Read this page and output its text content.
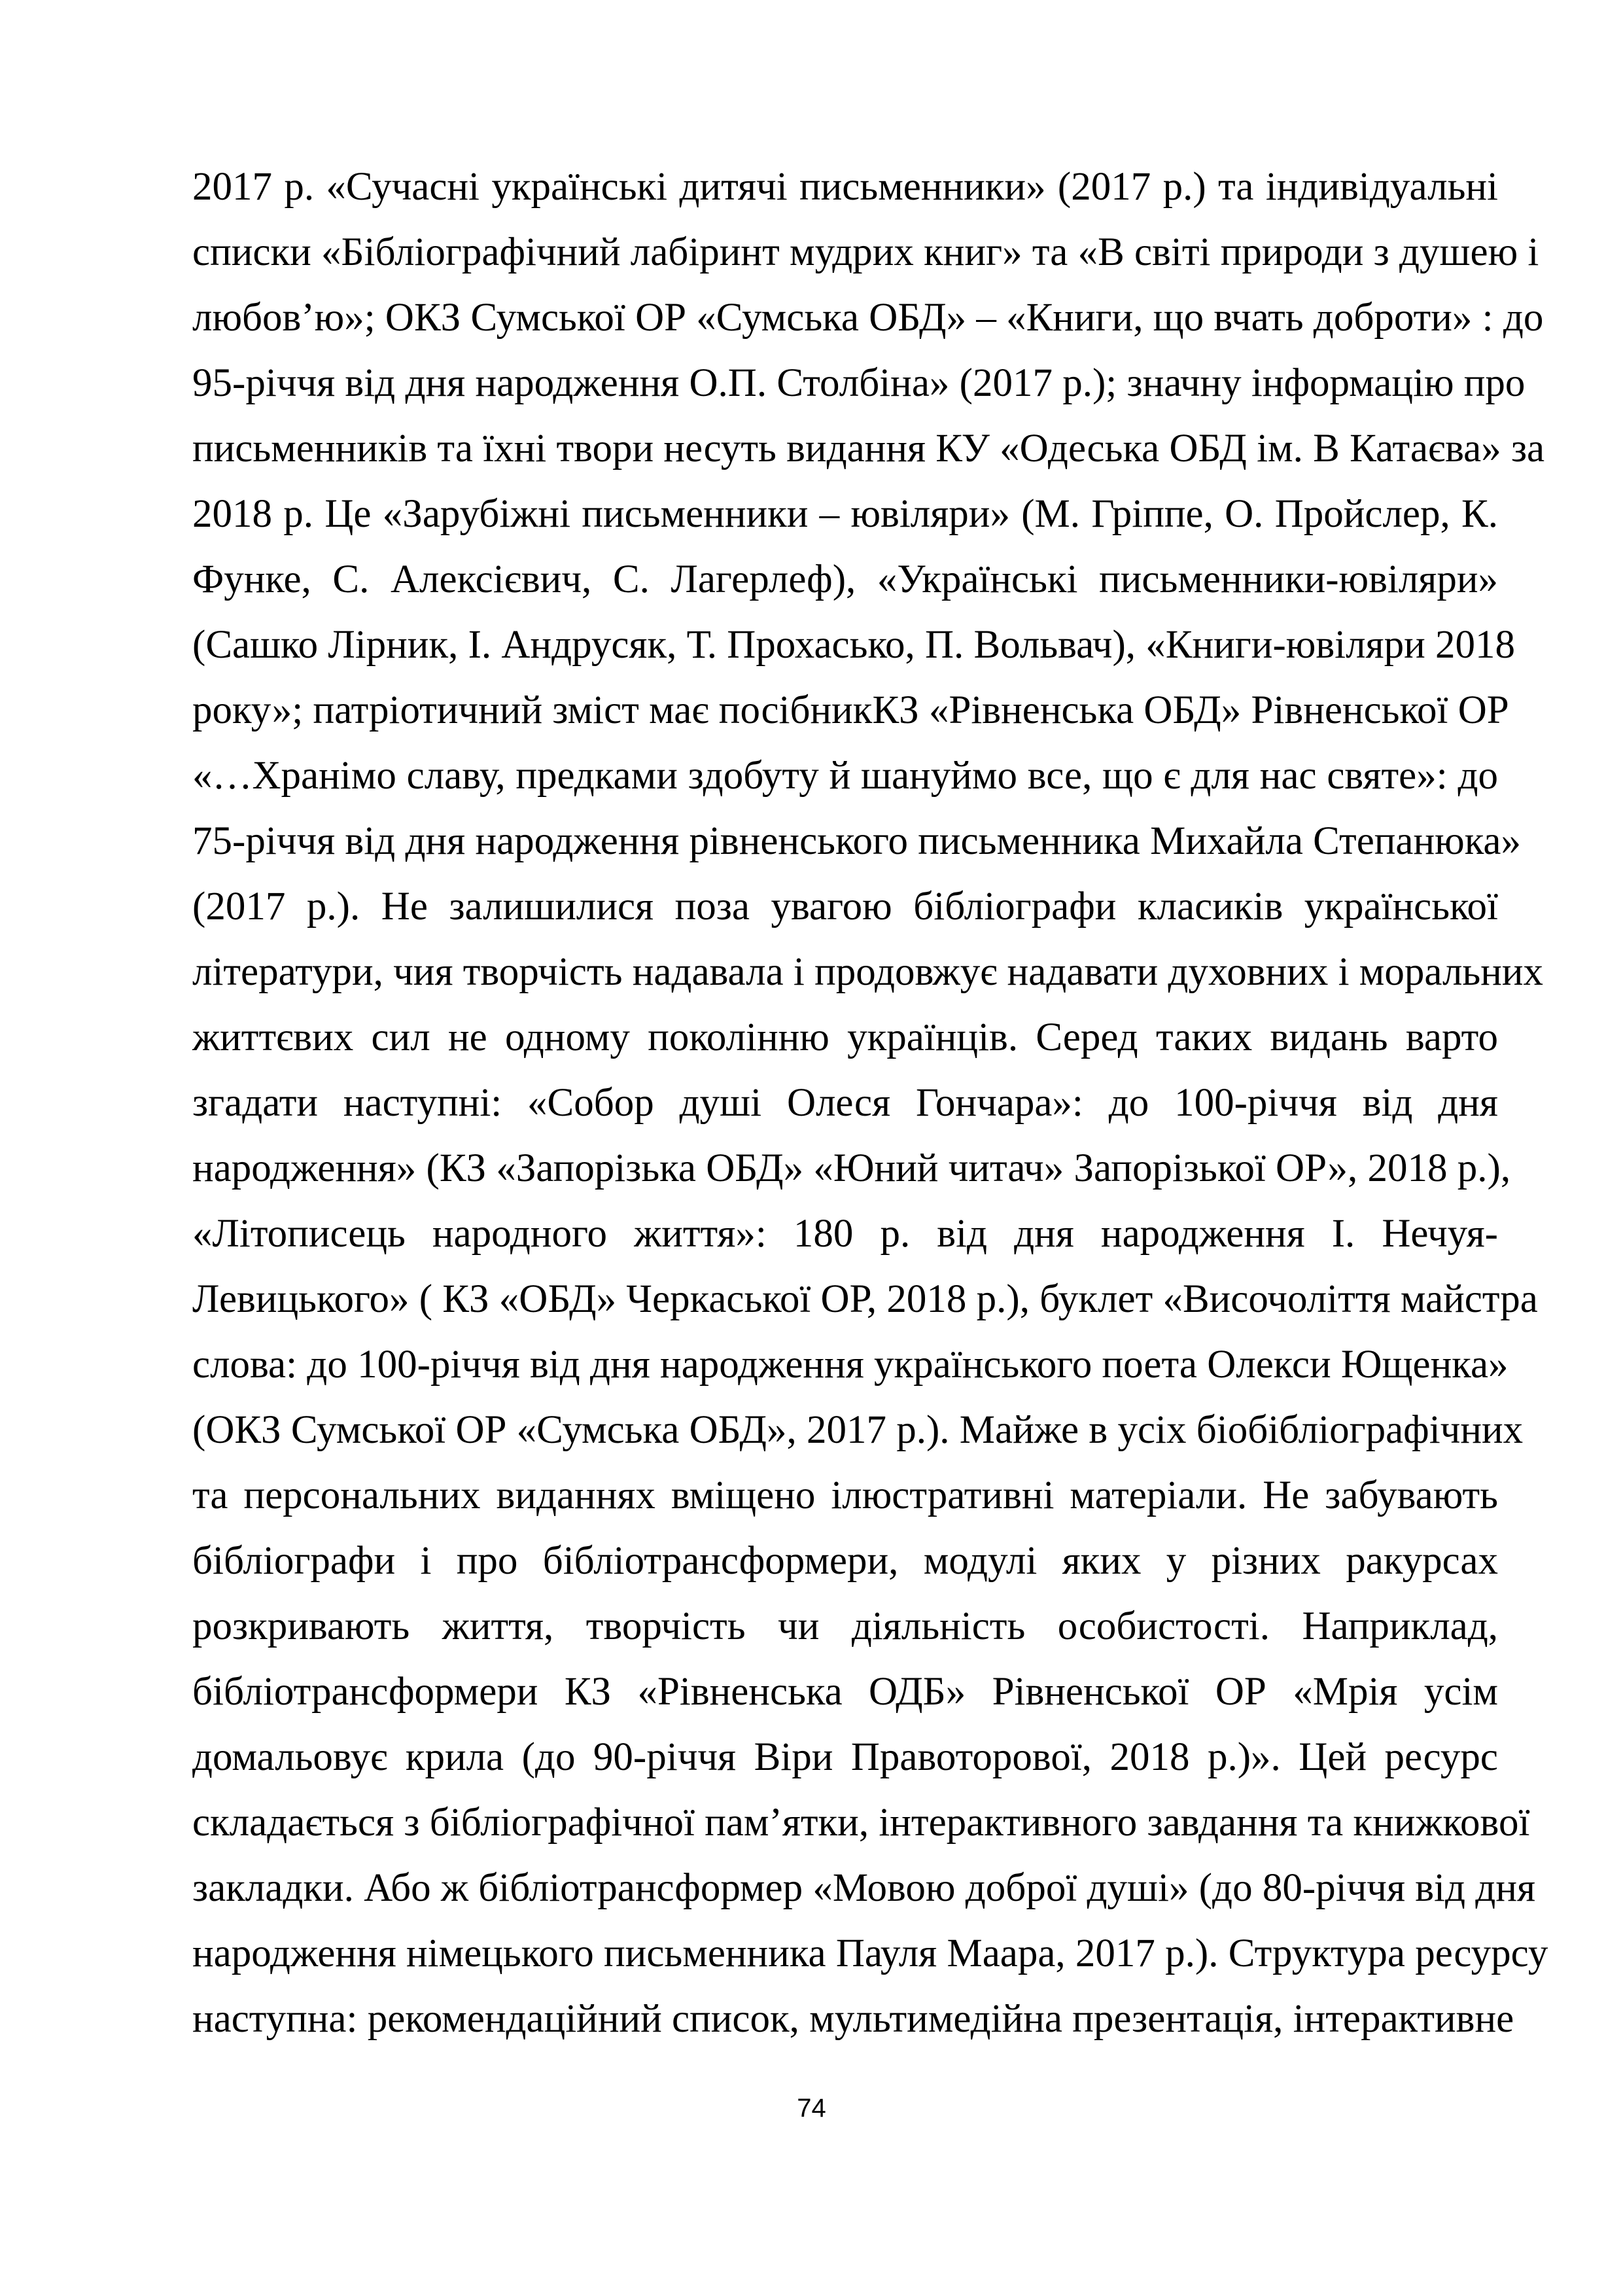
2017 р. «Сучасні українські дитячі письменники» (2017 р.) та індивідуальні
списки «Бібліографічний лабіринт мудрих книг» та «В світі природи з душею і
любов’ю»; ОКЗ Сумської ОР «Сумська ОБД» – «Книги, що вчать доброти» : до
95-річчя від дня народження О.П. Столбіна» (2017 р.); значну інформацію про
письменників та їхні твори несуть видання КУ «Одеська ОБД ім. В Катаєва» за
2018 р. Це «Зарубіжні письменники – ювіляри» (М. Гріппе, О. Пройслер, К.
Функе, С. Алексієвич, С. Лагерлеф), «Українські письменники-ювіляри»
(Сашко Лірник, І. Андрусяк, Т. Прохасько, П. Вольвач), «Книги-ювіляри 2018
року»; патріотичний зміст має посібникКЗ «Рівненська ОБД» Рівненської ОР
«…Хранімо славу, предками здобуту й шануймо все, що є для нас святе»: до
75-річчя від дня народження рівненського письменника Михайла Степанюка»
(2017 р.). Не залишилися поза увагою бібліографи класиків української
літератури, чия творчість надавала і продовжує надавати духовних і моральних
життєвих сил не одному поколінню українців. Серед таких видань варто
згадати наступні: «Собор душі Олеся Гончара»: до 100-річчя від дня
народження» (КЗ «Запорізька ОБД» «Юний читач» Запорізької ОР», 2018 р.),
«Літописець народного життя»: 180 р. від дня народження І. Нечуя-
Левицького» ( КЗ «ОБД» Черкаської ОР, 2018 р.), буклет «Височоліття майстра
слова: до 100-річчя від дня народження українського поета Олекси Ющенка»
(ОКЗ Сумської ОР «Сумська ОБД», 2017 р.). Майже в усіх біобібліографічних
та персональних виданнях вміщено ілюстративні матеріали. Не забувають
бібліографи і про бібліотрансформери, модулі яких у різних ракурсах
розкривають життя, творчість чи діяльність особистості. Наприклад,
бібліотрансформери КЗ «Рівненська ОДБ» Рівненської ОР «Мрія усім
домальовує крила (до 90-річчя Віри Правоторової, 2018 р.)». Цей ресурс
складається з бібліографічної пам’ятки, інтерактивного завдання та книжкової
закладки. Або ж бібліотрансформер «Мовою доброї душі» (до 80-річчя від дня
народження німецького письменника Пауля Маара, 2017 р.). Структура ресурсу
наступна: рекомендаційний список, мультимедійна презентація, інтерактивне
74
